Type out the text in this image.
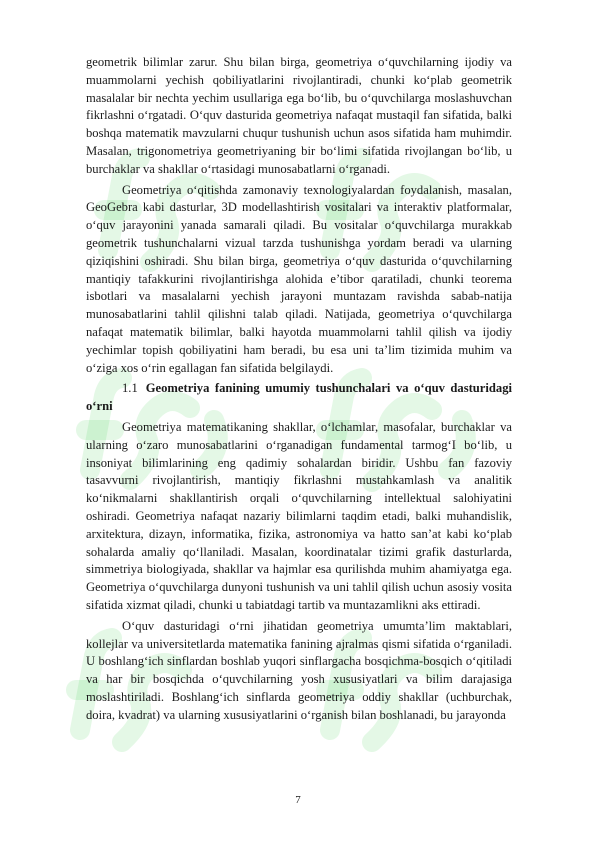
geometrik bilimlar zarur. Shu bilan birga, geometriya o‘quvchilarning ijodiy va muammolarni yechish qobiliyatlarini rivojlantiradi, chunki ko‘plab geometrik masalalar bir nechta yechim usullariga ega bo‘lib, bu o‘quvchilarga moslashuvchan fikrlashni o‘rgatadi. O‘quv dasturida geometriya nafaqat mustaqil fan sifatida, balki boshqa matematik mavzularni chuqur tushunish uchun asos sifatida ham muhimdir. Masalan, trigonometriya geometriyaning bir bo‘limi sifatida rivojlangan bo‘lib, u burchaklar va shakllar o‘rtasidagi munosabatlarni o‘rganadi.

Geometriya o‘qitishda zamonaviy texnologiyalardan foydalanish, masalan, GeoGebra kabi dasturlar, 3D modellashtirish vositalari va interaktiv platformalar, o‘quv jarayonini yanada samarali qiladi. Bu vositalar o‘quvchilarga murakkab geometrik tushunchalarni vizual tarzda tushunishga yordam beradi va ularning qiziqishini oshiradi. Shu bilan birga, geometriya o‘quv dasturida o‘quvchilarning mantiqiy tafakkurini rivojlantirishga alohida e’tibor qaratiladi, chunki teorema isbotlari va masalalarni yechish jarayoni muntazam ravishda sabab-natija munosabatlarini tahlil qilishni talab qiladi. Natijada, geometriya o‘quvchilarga nafaqat matematik bilimlar, balki hayotda muammolarni tahlil qilish va ijodiy yechimlar topish qobiliyatini ham beradi, bu esa uni ta’lim tizimida muhim va o‘ziga xos o‘rin egallagan fan sifatida belgilaydi.

1.1 Geometriya fanining umumiy tushunchalari va o‘quv dasturidagi o‘rni

Geometriya matematikaning shakllar, o‘lchamlar, masofalar, burchaklar va ularning o‘zaro munosabatlarini o‘rganadigan fundamental tarmog‘I bo‘lib, u insoniyat bilimlarining eng qadimiy sohalardan biridir. Ushbu fan fazoviy tasavvurni rivojlantirish, mantiqiy fikrlashni mustahkamlash va analitik ko‘nikmalarni shakllantirish orqali o‘quvchilarning intellektual salohiyatini oshiradi. Geometriya nafaqat nazariy bilimlarni taqdim etadi, balki muhandislik, arxitektura, dizayn, informatika, fizika, astronomiya va hatto san’at kabi ko‘plab sohalarda amaliy qo‘llaniladi. Masalan, koordinatalar tizimi grafik dasturlarda, simmetriya biologiyada, shakllar va hajmlar esa qurilishda muhim ahamiyatga ega. Geometriya o‘quvchilarga dunyoni tushunish va uni tahlil qilish uchun asosiy vosita sifatida xizmat qiladi, chunki u tabiatdagi tartib va muntazamlikni aks ettiradi.

O‘quv dasturidagi o‘rni jihatidan geometriya umumta’lim maktablari, kollejlar va universitetlarda matematika fanining ajralmas qismi sifatida o‘rganiladi. U boshlang‘ich sinflardan boshlab yuqori sinflargacha bosqichma-bosqich o‘qitiladi va har bir bosqichda o‘quvchilarning yosh xususiyatlari va bilim darajasiga moslashtiriladi. Boshlang‘ich sinflarda geometriya oddiy shakllar (uchburchak, doira, kvadrat) va ularning xususiyatlarini o‘rganish bilan boshlanadi, bu jarayonda

7
